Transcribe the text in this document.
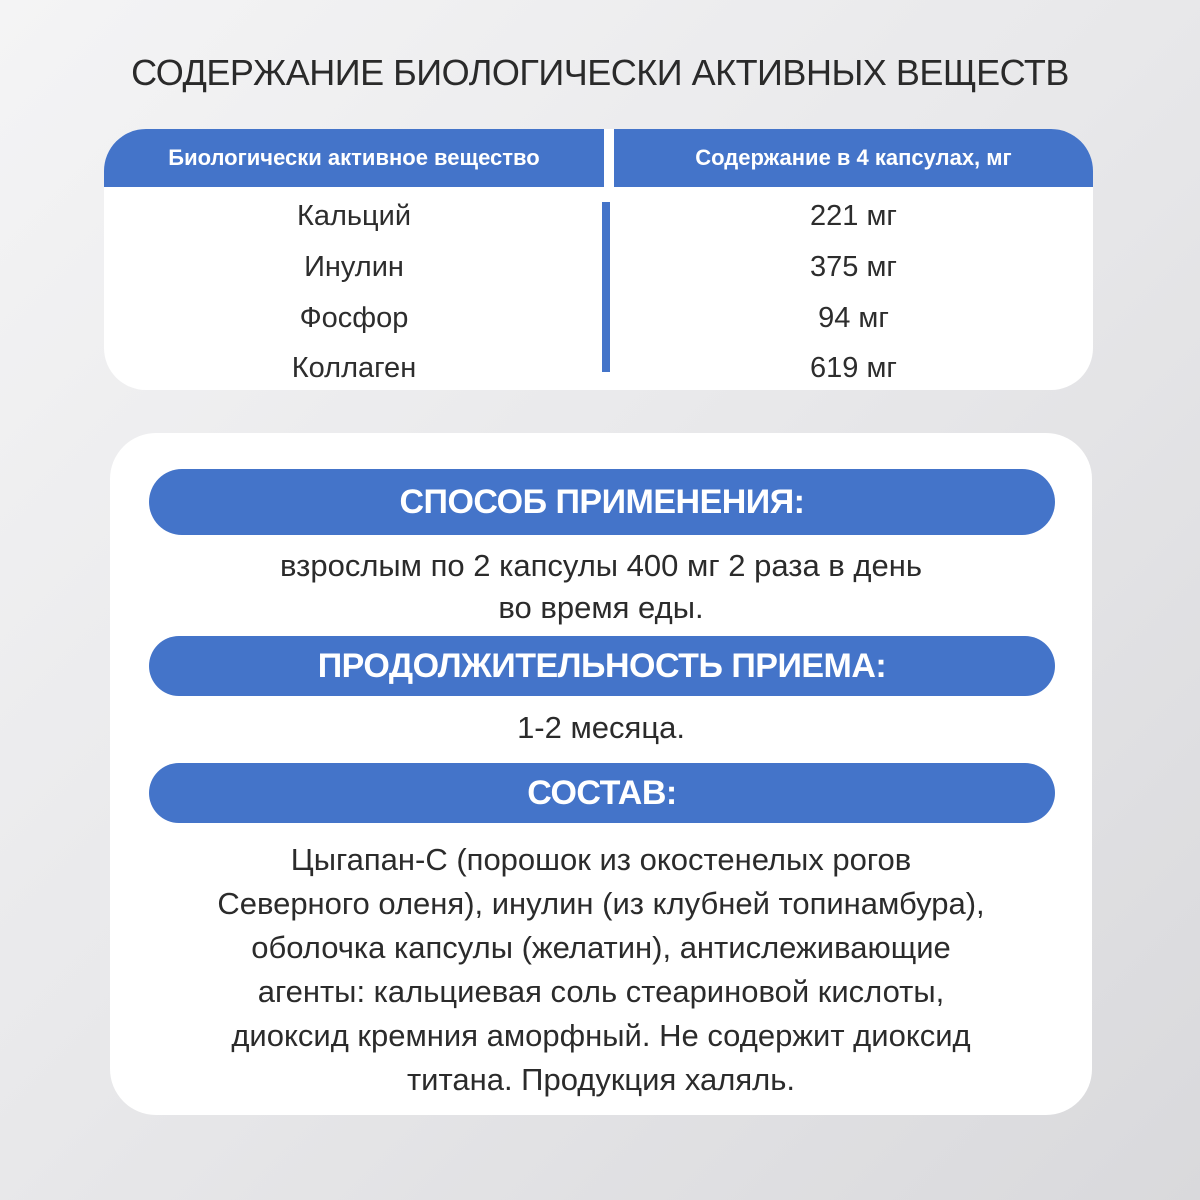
СОДЕРЖАНИЕ БИОЛОГИЧЕСКИ АКТИВНЫХ ВЕЩЕСТВ
Биологически активное вещество	Содержание в 4 капсулах, мг
Кальций	221 мг
Инулин	375 мг
Фосфор	94 мг
Коллаген	619 мг
СПОСОБ ПРИМЕНЕНИЯ:
взрослым по 2 капсулы 400 мг 2 раза в день
во время еды.
ПРОДОЛЖИТЕЛЬНОСТЬ ПРИЕМА:
1-2 месяца.
СОСТАВ:
Цыгапан-С (порошок из окостенелых рогов
Северного оленя), инулин (из клубней топинамбура),
оболочка капсулы (желатин), антислеживающие
агенты: кальциевая соль стеариновой кислоты,
диоксид кремния аморфный. Не содержит диоксид
титана. Продукция халяль.
